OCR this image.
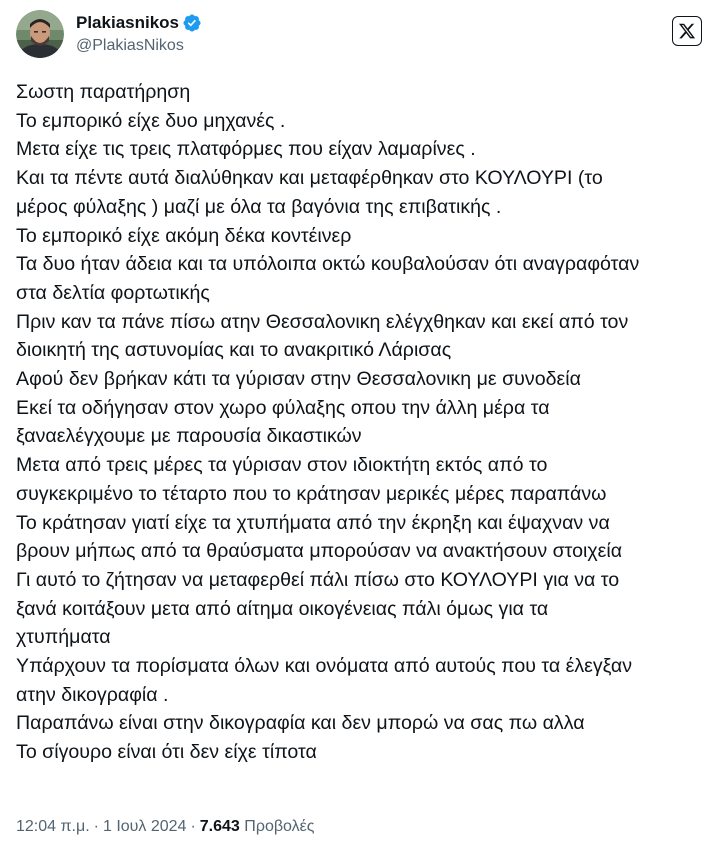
Plakiasnikos
@PlakiasNikos
Σωστη παρατήρηση
Το εμπορικό είχε δυο μηχανές .
Μετα είχε τις τρεις πλατφόρμες που είχαν λαμαρίνες .
Και τα πέντε αυτά διαλύθηκαν και μεταφέρθηκαν στο ΚΟΥΛΟΥΡΙ (το
μέρος φύλαξης ) μαζί με όλα τα βαγόνια της επιβατικής .
Το εμπορικό είχε ακόμη δέκα κοντέινερ
Τα δυο ήταν άδεια και τα υπόλοιπα οκτώ κουβαλούσαν ότι αναγραφόταν
στα δελτία φορτωτικής
Πριν καν τα πάνε πίσω ατην Θεσσαλονικη ελέγχθηκαν και εκεί από τον
διοικητή της αστυνομίας και το ανακριτικό Λάρισας
Αφού δεν βρήκαν κάτι τα γύρισαν στην Θεσσαλονικη με συνοδεία
Εκεί τα οδήγησαν στον χωρο φύλαξης οπου την άλλη μέρα τα
ξαναελέγχουμε με παρουσία δικαστικών
Μετα από τρεις μέρες τα γύρισαν στον ιδιοκτήτη εκτός από το
συγκεκριμένο το τέταρτο που το κράτησαν μερικές μέρες παραπάνω
Το κράτησαν γιατί είχε τα χτυπήματα από την έκρηξη και έψαχναν να
βρουν μήπως από τα θραύσματα μπορούσαν να ανακτήσουν στοιχεία
Γι αυτό το ζήτησαν να μεταφερθεί πάλι πίσω στο ΚΟΥΛΟΥΡΙ για να το
ξανά κοιτάξουν μετα από αίτημα οικογένειας πάλι όμως για τα
χτυπήματα
Υπάρχουν τα πορίσματα όλων και ονόματα από αυτούς που τα έλεγξαν
ατην δικογραφία .
Παραπάνω είναι στην δικογραφία και δεν μπορώ να σας πω αλλα
Το σίγουρο είναι ότι δεν είχε τίποτα
12:04 π.μ. · 1 Ιουλ 2024 · 7.643 Προβολές
